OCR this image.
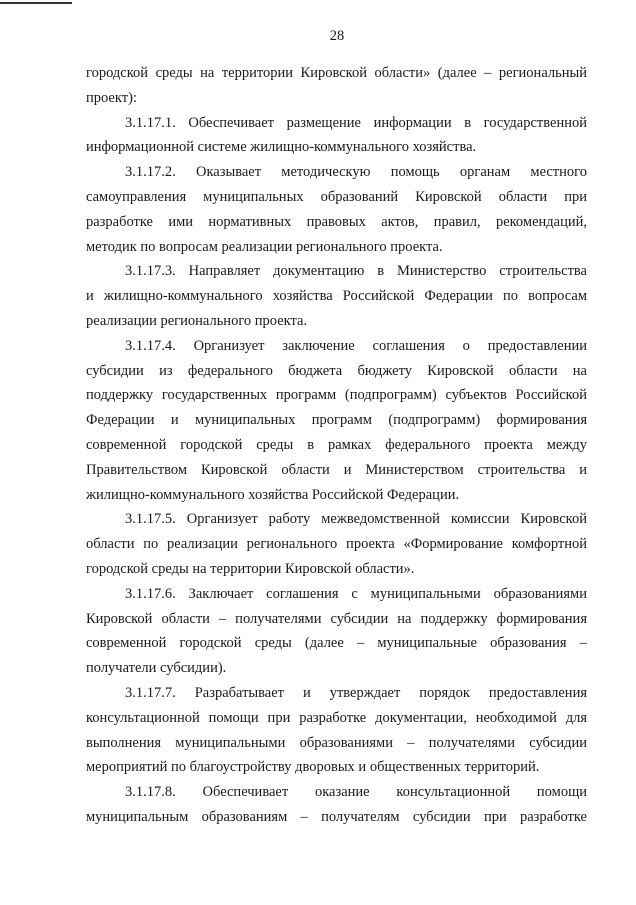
28
городской среды на территории Кировской области» (далее – региональный
проект):
3.1.17.1. Обеспечивает размещение информации в государственной
информационной системе жилищно-коммунального хозяйства.
3.1.17.2. Оказывает методическую помощь органам местного
самоуправления муниципальных образований Кировской области при
разработке ими нормативных правовых актов, правил, рекомендаций,
методик по вопросам реализации регионального проекта.
3.1.17.3. Направляет документацию в Министерство строительства
и жилищно-коммунального хозяйства Российской Федерации по вопросам
реализации регионального проекта.
3.1.17.4. Организует заключение соглашения о предоставлении
субсидии из федерального бюджета бюджету Кировской области на
поддержку государственных программ (подпрограмм) субъектов Российской
Федерации и муниципальных программ (подпрограмм) формирования
современной городской среды в рамках федерального проекта между
Правительством Кировской области и Министерством строительства и
жилищно-коммунального хозяйства Российской Федерации.
3.1.17.5. Организует работу межведомственной комиссии Кировской
области по реализации регионального проекта «Формирование комфортной
городской среды на территории Кировской области».
3.1.17.6. Заключает соглашения с муниципальными образованиями
Кировской области – получателями субсидии на поддержку формирования
современной городской среды (далее – муниципальные образования –
получатели субсидии).
3.1.17.7. Разрабатывает и утверждает порядок предоставления
консультационной помощи при разработке документации, необходимой для
выполнения муниципальными образованиями – получателями субсидии
мероприятий по благоустройству дворовых и общественных территорий.
3.1.17.8. Обеспечивает оказание консультационной помощи
муниципальным образованиям – получателям субсидии при разработке
